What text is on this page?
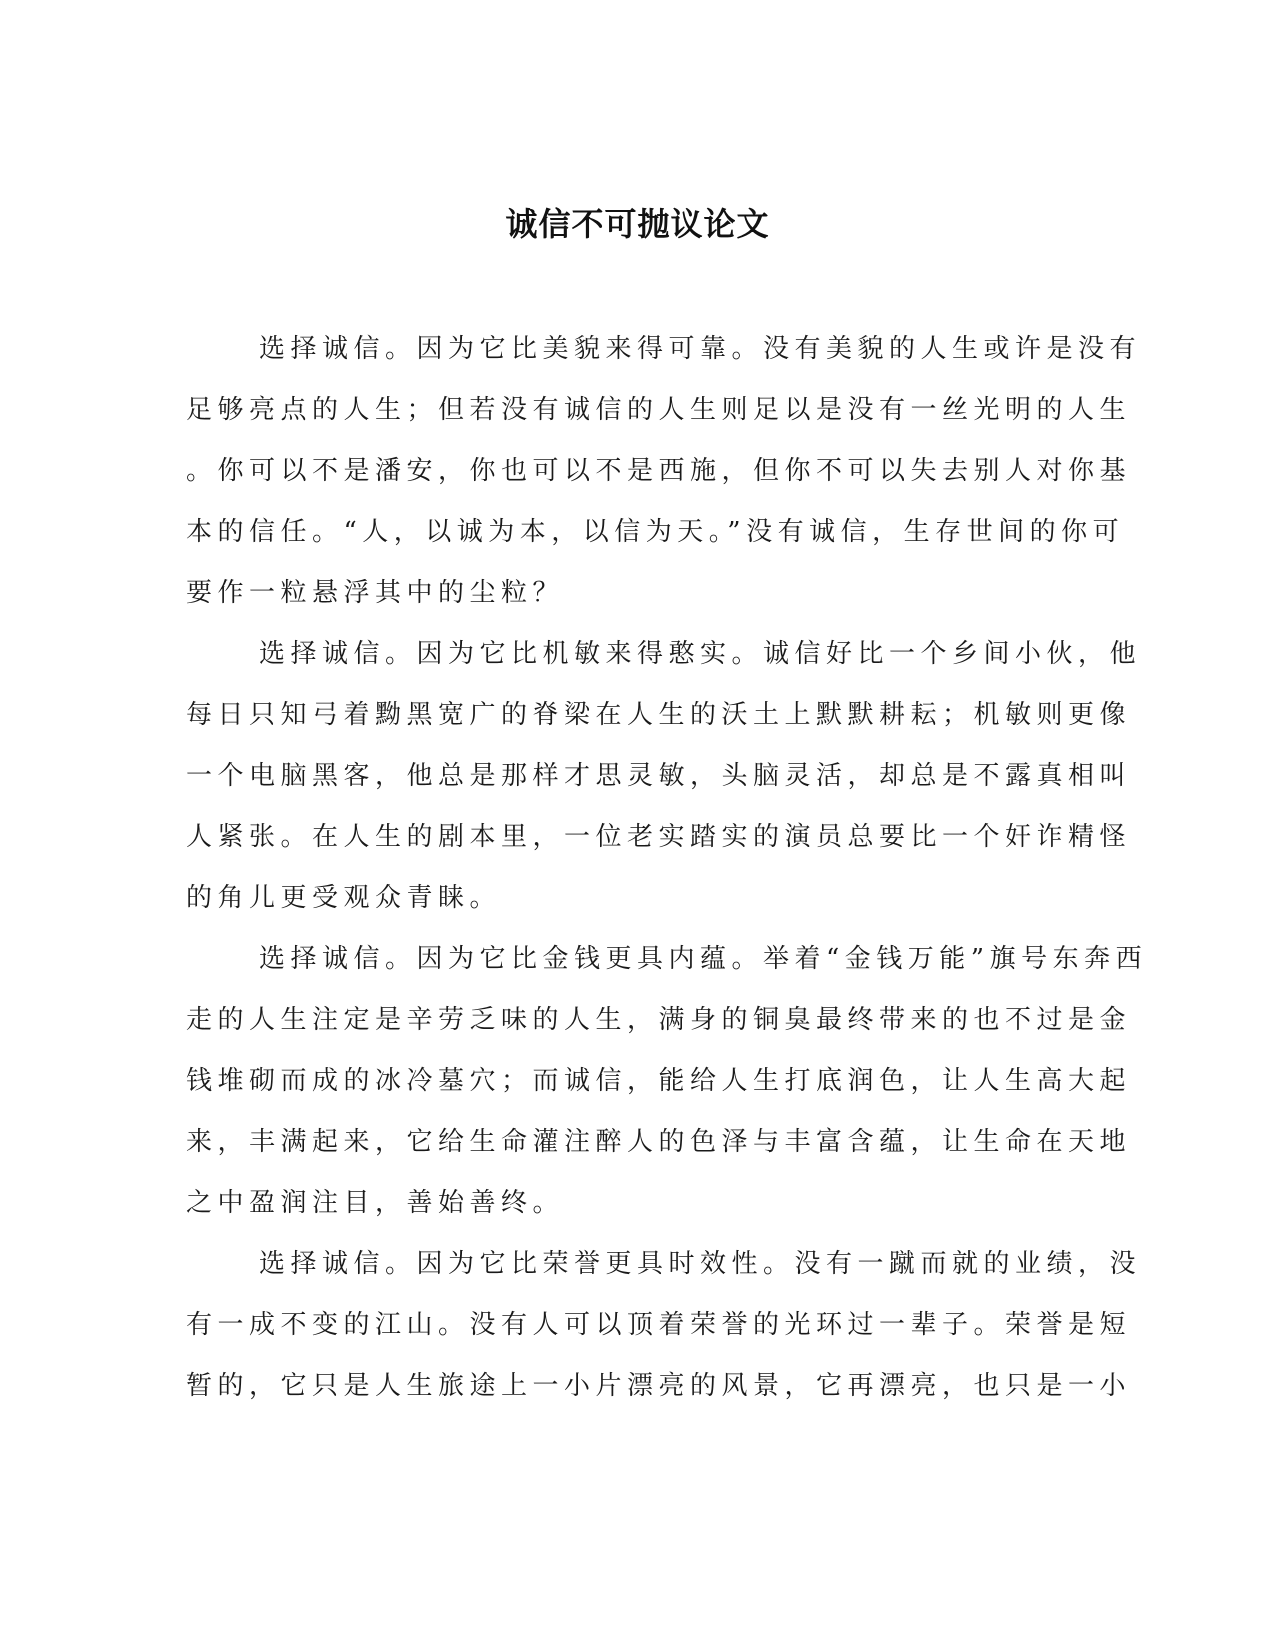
诚信不可抛议论文
选择诚信。因为它比美貌来得可靠。没有美貌的人生或许是没有
足够亮点的人生；但若没有诚信的人生则足以是没有一丝光明的人生
。你可以不是潘安，你也可以不是西施，但你不可以失去别人对你基
本的信任。“人，以诚为本，以信为天。”没有诚信，生存世间的你可
要作一粒悬浮其中的尘粒？
选择诚信。因为它比机敏来得憨实。诚信好比一个乡间小伙，他
每日只知弓着黝黑宽广的脊梁在人生的沃土上默默耕耘；机敏则更像
一个电脑黑客，他总是那样才思灵敏，头脑灵活，却总是不露真相叫
人紧张。在人生的剧本里，一位老实踏实的演员总要比一个奸诈精怪
的角儿更受观众青睐。
选择诚信。因为它比金钱更具内蕴。举着“金钱万能”旗号东奔西
走的人生注定是辛劳乏味的人生，满身的铜臭最终带来的也不过是金
钱堆砌而成的冰冷墓穴；而诚信，能给人生打底润色，让人生高大起
来，丰满起来，它给生命灌注醉人的色泽与丰富含蕴，让生命在天地
之中盈润注目，善始善终。
选择诚信。因为它比荣誉更具时效性。没有一蹴而就的业绩，没
有一成不变的江山。没有人可以顶着荣誉的光环过一辈子。荣誉是短
暂的，它只是人生旅途上一小片漂亮的风景，它再漂亮，也只是一小
